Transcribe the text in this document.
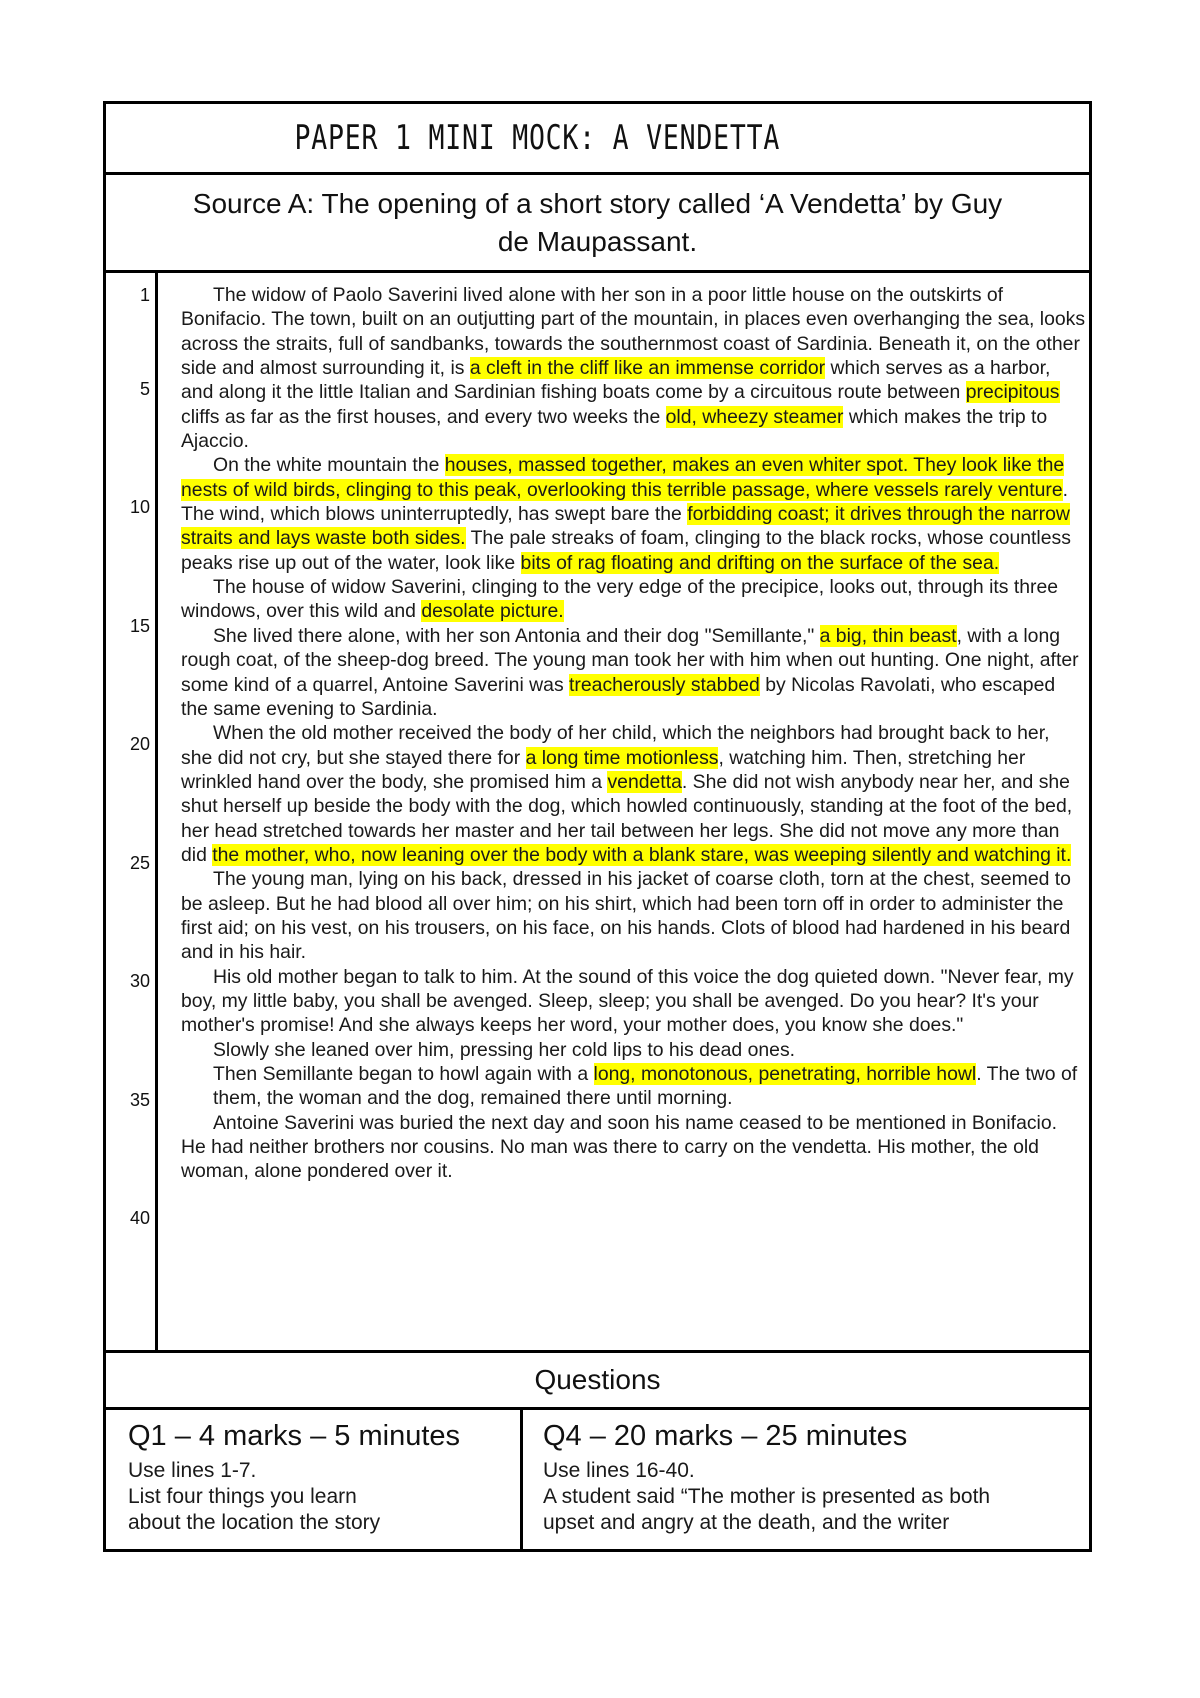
PAPER 1 MINI MOCK: A VENDETTA
Source A: The opening of a short story called ‘A Vendetta’ by Guy
de Maupassant.
1
5
10
15
20
25
30
35
40

The widow of Paolo Saverini lived alone with her son in a poor little house on the outskirts of Bonifacio. The town, built on an outjutting part of the mountain, in places even overhanging the sea, looks across the straits, full of sandbanks, towards the southernmost coast of Sardinia. Beneath it, on the other side and almost surrounding it, is a cleft in the cliff like an immense corridor which serves as a harbor, and along it the little Italian and Sardinian fishing boats come by a circuitous route between precipitous cliffs as far as the first houses, and every two weeks the old, wheezy steamer which makes the trip to Ajaccio.

On the white mountain the houses, massed together, makes an even whiter spot. They look like the nests of wild birds, clinging to this peak, overlooking this terrible passage, where vessels rarely venture. The wind, which blows uninterruptedly, has swept bare the forbidding coast; it drives through the narrow straits and lays waste both sides. The pale streaks of foam, clinging to the black rocks, whose countless peaks rise up out of the water, look like bits of rag floating and drifting on the surface of the sea.

The house of widow Saverini, clinging to the very edge of the precipice, looks out, through its three windows, over this wild and desolate picture.

She lived there alone, with her son Antonia and their dog "Semillante," a big, thin beast, with a long rough coat, of the sheep-dog breed. The young man took her with him when out hunting. One night, after some kind of a quarrel, Antoine Saverini was treacherously stabbed by Nicolas Ravolati, who escaped the same evening to Sardinia.

When the old mother received the body of her child, which the neighbors had brought back to her, she did not cry, but she stayed there for a long time motionless, watching him. Then, stretching her wrinkled hand over the body, she promised him a vendetta. She did not wish anybody near her, and she shut herself up beside the body with the dog, which howled continuously, standing at the foot of the bed, her head stretched towards her master and her tail between her legs. She did not move any more than did the mother, who, now leaning over the body with a blank stare, was weeping silently and watching it.

The young man, lying on his back, dressed in his jacket of coarse cloth, torn at the chest, seemed to be asleep. But he had blood all over him; on his shirt, which had been torn off in order to administer the first aid; on his vest, on his trousers, on his face, on his hands. Clots of blood had hardened in his beard and in his hair.

His old mother began to talk to him. At the sound of this voice the dog quieted down. "Never fear, my boy, my little baby, you shall be avenged. Sleep, sleep; you shall be avenged. Do you hear? It's your mother's promise! And she always keeps her word, your mother does, you know she does."

Slowly she leaned over him, pressing her cold lips to his dead ones.

Then Semillante began to howl again with a long, monotonous, penetrating, horrible howl. The two of them, the woman and the dog, remained there until morning.

Antoine Saverini was buried the next day and soon his name ceased to be mentioned in Bonifacio. He had neither brothers nor cousins. No man was there to carry on the vendetta. His mother, the old woman, alone pondered over it.

Questions

Q1 – 4 marks – 5 minutes

Use lines 1-7.
List four things you learn
about the location the story

Q4 – 20 marks – 25 minutes

Use lines 16-40.
A student said “The mother is presented as both
upset and angry at the death, and the writer
